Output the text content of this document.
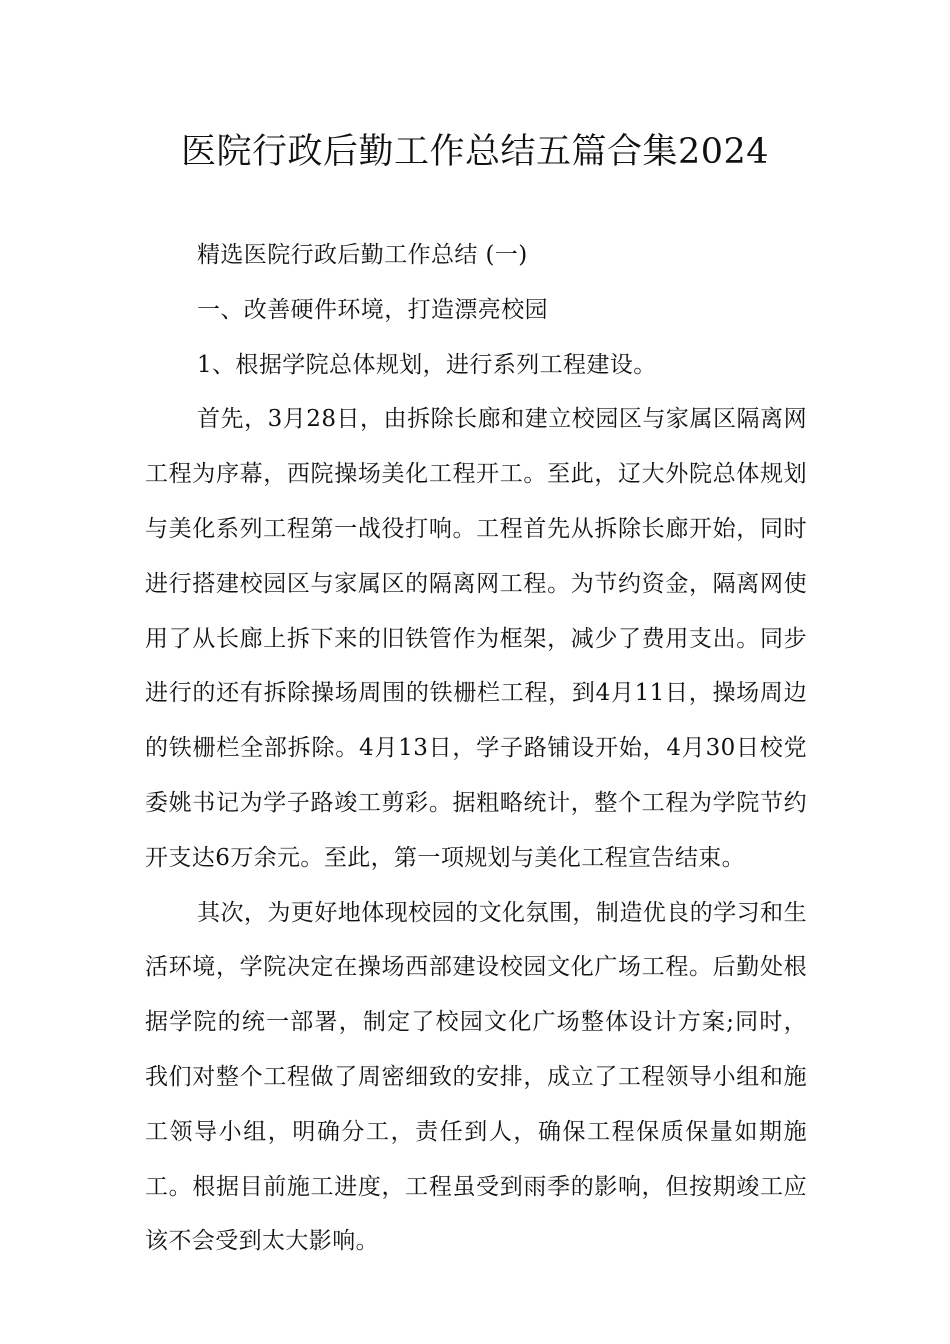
医院行政后勤工作总结五篇合集2024

精选医院行政后勤工作总结 (一)

一、改善硬件环境，打造漂亮校园

1、根据学院总体规划，进行系列工程建设。

首先，3月28日，由拆除长廊和建立校园区与家属区隔离网工程为序幕，西院操场美化工程开工。至此，辽大外院总体规划与美化系列工程第一战役打响。工程首先从拆除长廊开始，同时进行搭建校园区与家属区的隔离网工程。为节约资金，隔离网使用了从长廊上拆下来的旧铁管作为框架，减少了费用支出。同步进行的还有拆除操场周围的铁栅栏工程，到4月11日，操场周边的铁栅栏全部拆除。4月13日，学子路铺设开始，4月30日校党委姚书记为学子路竣工剪彩。据粗略统计，整个工程为学院节约开支达6万余元。至此，第一项规划与美化工程宣告结束。

其次，为更好地体现校园的文化氛围，制造优良的学习和生活环境，学院决定在操场西部建设校园文化广场工程。后勤处根据学院的统一部署，制定了校园文化广场整体设计方案;同时，我们对整个工程做了周密细致的安排，成立了工程领导小组和施工领导小组，明确分工，责任到人，确保工程保质保量如期施工。根据目前施工进度，工程虽受到雨季的影响，但按期竣工应该不会受到太大影响。
